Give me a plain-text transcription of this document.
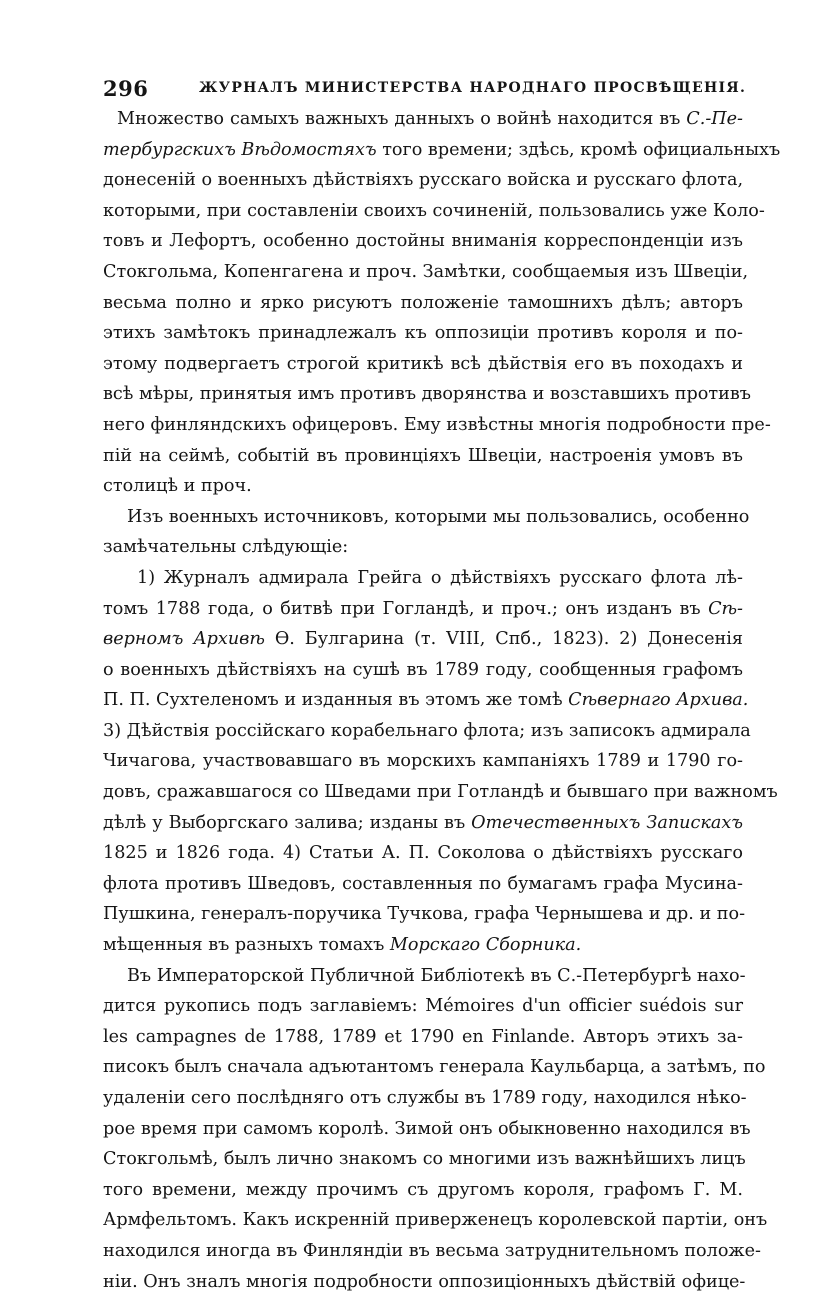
296	ЖУРНАЛЪ МИНИСТЕРСТВА НАРОДНАГО ПРОСВѢЩЕНІЯ.
Множество самыхъ важныхъ данныхъ о войнѣ находится въ С.-Пе-
тербургскихъ Вѣдомостяхъ того времени; здѣсь, кромѣ официальныхъ
донесеній о военныхъ дѣйствіяхъ русскаго войска и русскаго флота,
которыми, при составленіи своихъ сочиненій, пользовались уже Коло-
товъ и Лефортъ, особенно достойны вниманія корреспонденціи изъ
Стокгольма, Копенгагена и проч. Замѣтки, сообщаемыя изъ Швеціи,
весьма полно и ярко рисуютъ положеніе тамошнихъ дѣлъ; авторъ
этихъ замѣтокъ принадлежалъ къ оппозиціи противъ короля и по-
этому подвергаетъ строгой критикѣ всѣ дѣйствія его въ походахъ и
всѣ мѣры, принятыя имъ противъ дворянства и возставшихъ противъ
него финляндскихъ офицеровъ. Ему извѣстны многія подробности пре-
пій на сеймѣ, событій въ провинціяхъ Швеціи, настроенія умовъ въ
столицѣ и проч.
Изъ военныхъ источниковъ, которыми мы пользовались, особенно
замѣчательны слѣдующіе:
1) Журналъ адмирала Грейга о дѣйствіяхъ русскаго флота лѣ-
томъ 1788 года, о битвѣ при Гогландѣ, и проч.; онъ изданъ въ Сѣ-
верномъ Архивѣ Ѳ. Булгарина (т. VIII, Спб., 1823). 2) Донесенія
о военныхъ дѣйствіяхъ на сушѣ въ 1789 году, сообщенныя графомъ
П. П. Сухтеленомъ и изданныя въ этомъ же томѣ Сѣвернаго Архива.
3) Дѣйствія россійскаго корабельнаго флота; изъ записокъ адмирала
Чичагова, участвовавшаго въ морскихъ кампаніяхъ 1789 и 1790 го-
довъ, сражавшагося со Шведами при Готландѣ и бывшаго при важномъ
дѣлѣ у Выборгскаго залива; изданы въ Отечественныхъ Запискахъ
1825 и 1826 года. 4) Статьи А. П. Соколова о дѣйствіяхъ русскаго
флота противъ Шведовъ, составленныя по бумагамъ графа Мусина-
Пушкина, генералъ-поручика Тучкова, графа Чернышева и др. и по-
мѣщенныя въ разныхъ томахъ Морскаго Сборника.
Въ Императорской Публичной Библіотекѣ въ С.-Петербургѣ нахо-
дится рукопись подъ заглавіемъ: Mémoires d'un officier suédois sur
les campagnes de 1788, 1789 et 1790 en Finlande. Авторъ этихъ за-
писокъ былъ сначала адъютантомъ генерала Каульбарца, а затѣмъ, по
удаленіи сего послѣдняго отъ службы въ 1789 году, находился нѣко-
рое время при самомъ королѣ. Зимой онъ обыкновенно находился въ
Стокгольмѣ, былъ лично знакомъ со многими изъ важнѣйшихъ лицъ
того времени, между прочимъ съ другомъ короля, графомъ Г. М.
Армфельтомъ. Какъ искренній приверженецъ королевской партіи, онъ
находился иногда въ Финляндіи въ весьма затруднительномъ положе-
ніи. Онъ зналъ многія подробности оппозиціонныхъ дѣйствій офице-
